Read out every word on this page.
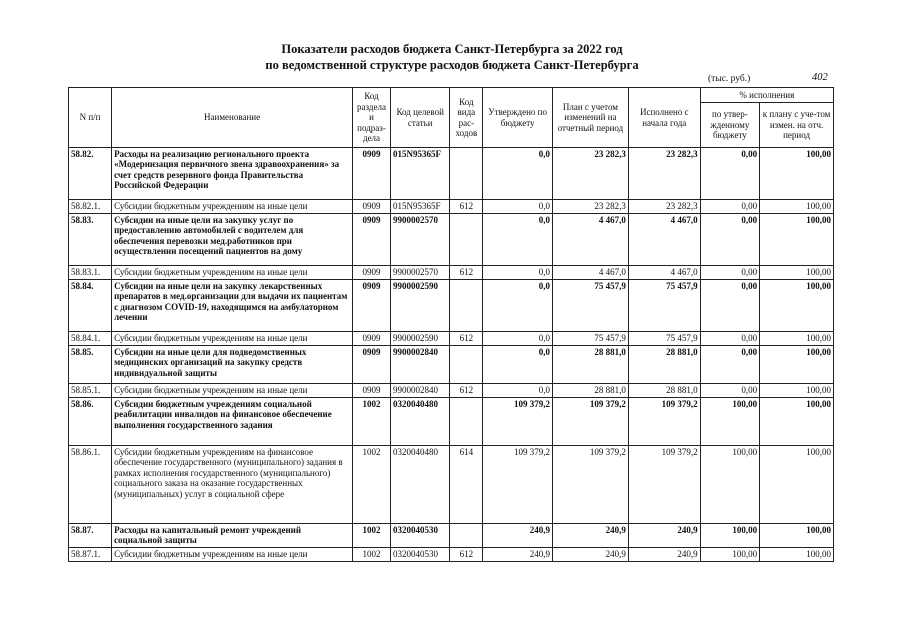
Показатели расходов бюджета Санкт-Петербурга за 2022 год
по ведомственной структуре расходов бюджета Санкт-Петербурга
(тыс. руб.)	402
N п/п	Наименование	Код раздела и подраз-дела	Код целевой статьи	Код вида рас-ходов	Утверждено по бюджету	План с учетом изменений на отчетный период	Исполнено с начала года	% исполнения	
								по утвер-жденному бюджету	к плану с уче-том измен. на отч. период
58.82.	Расходы на реализацию регионального проекта «Модернизация первичного звена здравоохранения» за счет средств резервного фонда Правительства Российской Федерации	0909	015N95365F		0,0	23 282,3	23 282,3	0,00	100,00
58.82.1.	Субсидии бюджетным учреждениям на иные цели	0909	015N95365F	612	0,0	23 282,3	23 282,3	0,00	100,00
58.83.	Субсидии на иные цели на закупку услуг по предоставлению автомобилей с водителем для обеспечения перевозки мед.работников при осуществлении посещений пациентов на дому	0909	9900002570		0,0	4 467,0	4 467,0	0,00	100,00
58.83.1.	Субсидии бюджетным учреждениям на иные цели	0909	9900002570	612	0,0	4 467,0	4 467,0	0,00	100,00
58.84.	Субсидии на иные цели на закупку лекарственных препаратов в мед.организации для выдачи их пациентам с диагнозом COVID-19, находящимся на амбулаторном лечении	0909	9900002590		0,0	75 457,9	75 457,9	0,00	100,00
58.84.1.	Субсидии бюджетным учреждениям на иные цели	0909	9900002590	612	0,0	75 457,9	75 457,9	0,00	100,00
58.85.	Субсидии на иные цели для подведомственных медицинских организаций на закупку средств индивидуальной защиты	0909	9900002840		0,0	28 881,0	28 881,0	0,00	100,00
58.85.1.	Субсидии бюджетным учреждениям на иные цели	0909	9900002840	612	0,0	28 881,0	28 881,0	0,00	100,00
58.86.	Субсидии бюджетным учреждениям социальной реабилитации инвалидов на финансовое обеспечение выполнения государственного задания	1002	0320040480		109 379,2	109 379,2	109 379,2	100,00	100,00
58.86.1.	Субсидии бюджетным учреждениям на финансовое обеспечение государственного (муниципального) задания в рамках исполнения государственного (муниципального) социального заказа на оказание государственных (муниципальных) услуг в социальной сфере	1002	0320040480	614	109 379,2	109 379,2	109 379,2	100,00	100,00
58.87.	Расходы на капитальный ремонт учреждений социальной защиты	1002	0320040530		240,9	240,9	240,9	100,00	100,00
58.87.1.	Субсидии бюджетным учреждениям на иные цели	1002	0320040530	612	240,9	240,9	240,9	100,00	100,00
